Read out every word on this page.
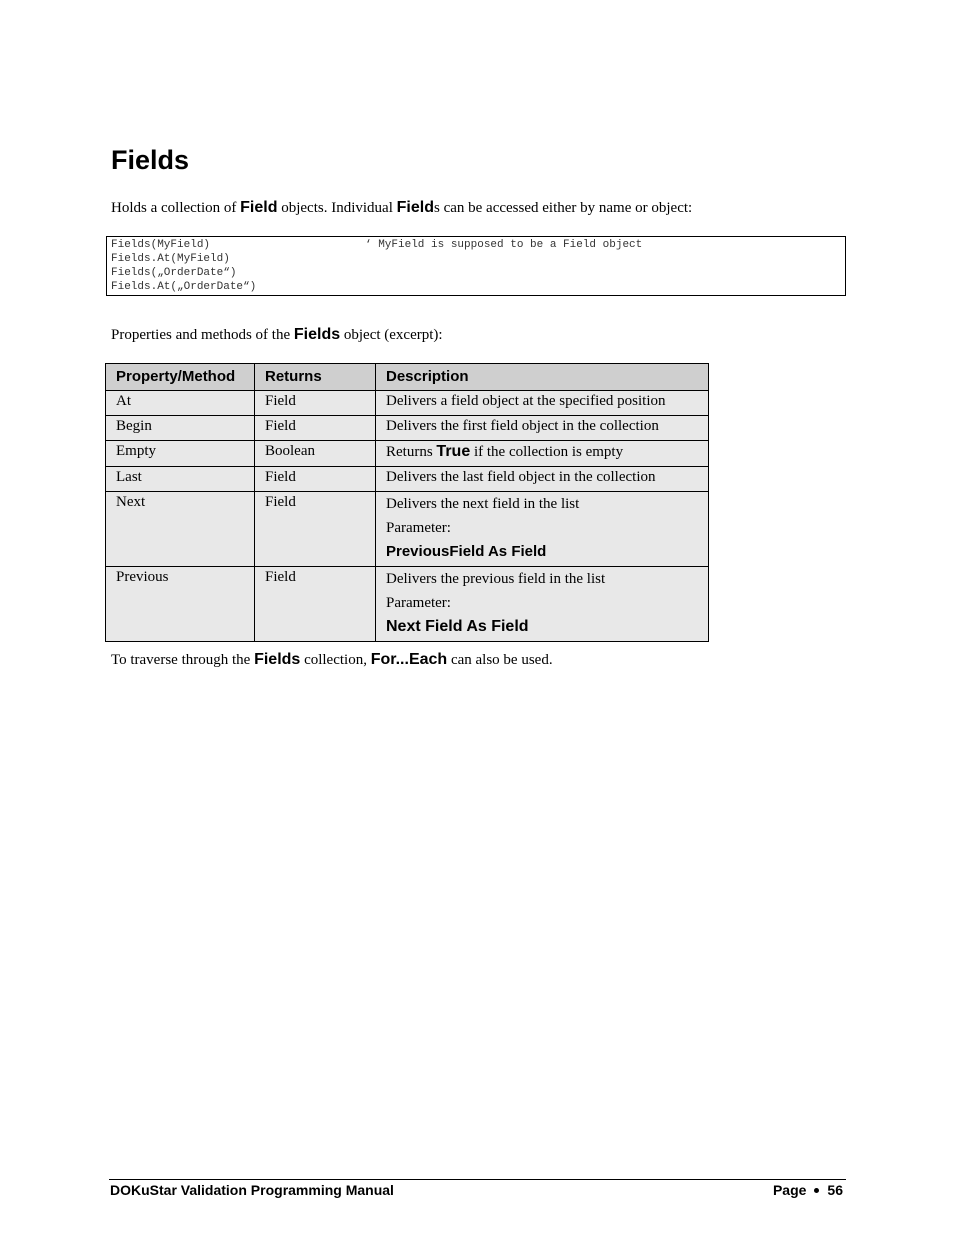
Fields
Holds a collection of Field objects. Individual Fields can be accessed either by name or object:
Fields(MyField)	‘ MyField is supposed to be a Field object
Fields.At(MyField)
Fields(„OrderDate“)
Fields.At(„OrderDate“)
Properties and methods of the Fields object (excerpt):
Property/Method	Returns	Description
At	Field	Delivers a field object at the specified position
Begin	Field	Delivers the first field object in the collection
Empty	Boolean	Returns True if the collection is empty
Last	Field	Delivers the last field object in the collection
Next	Field	Delivers the next field in the list
Parameter:
PreviousField As Field

Previous	Field	Delivers the previous field in the list
Parameter:
Next Field As Field
To traverse through the Fields collection, For...Each can also be used.
DOKuStar Validation Programming Manual	Page 56
